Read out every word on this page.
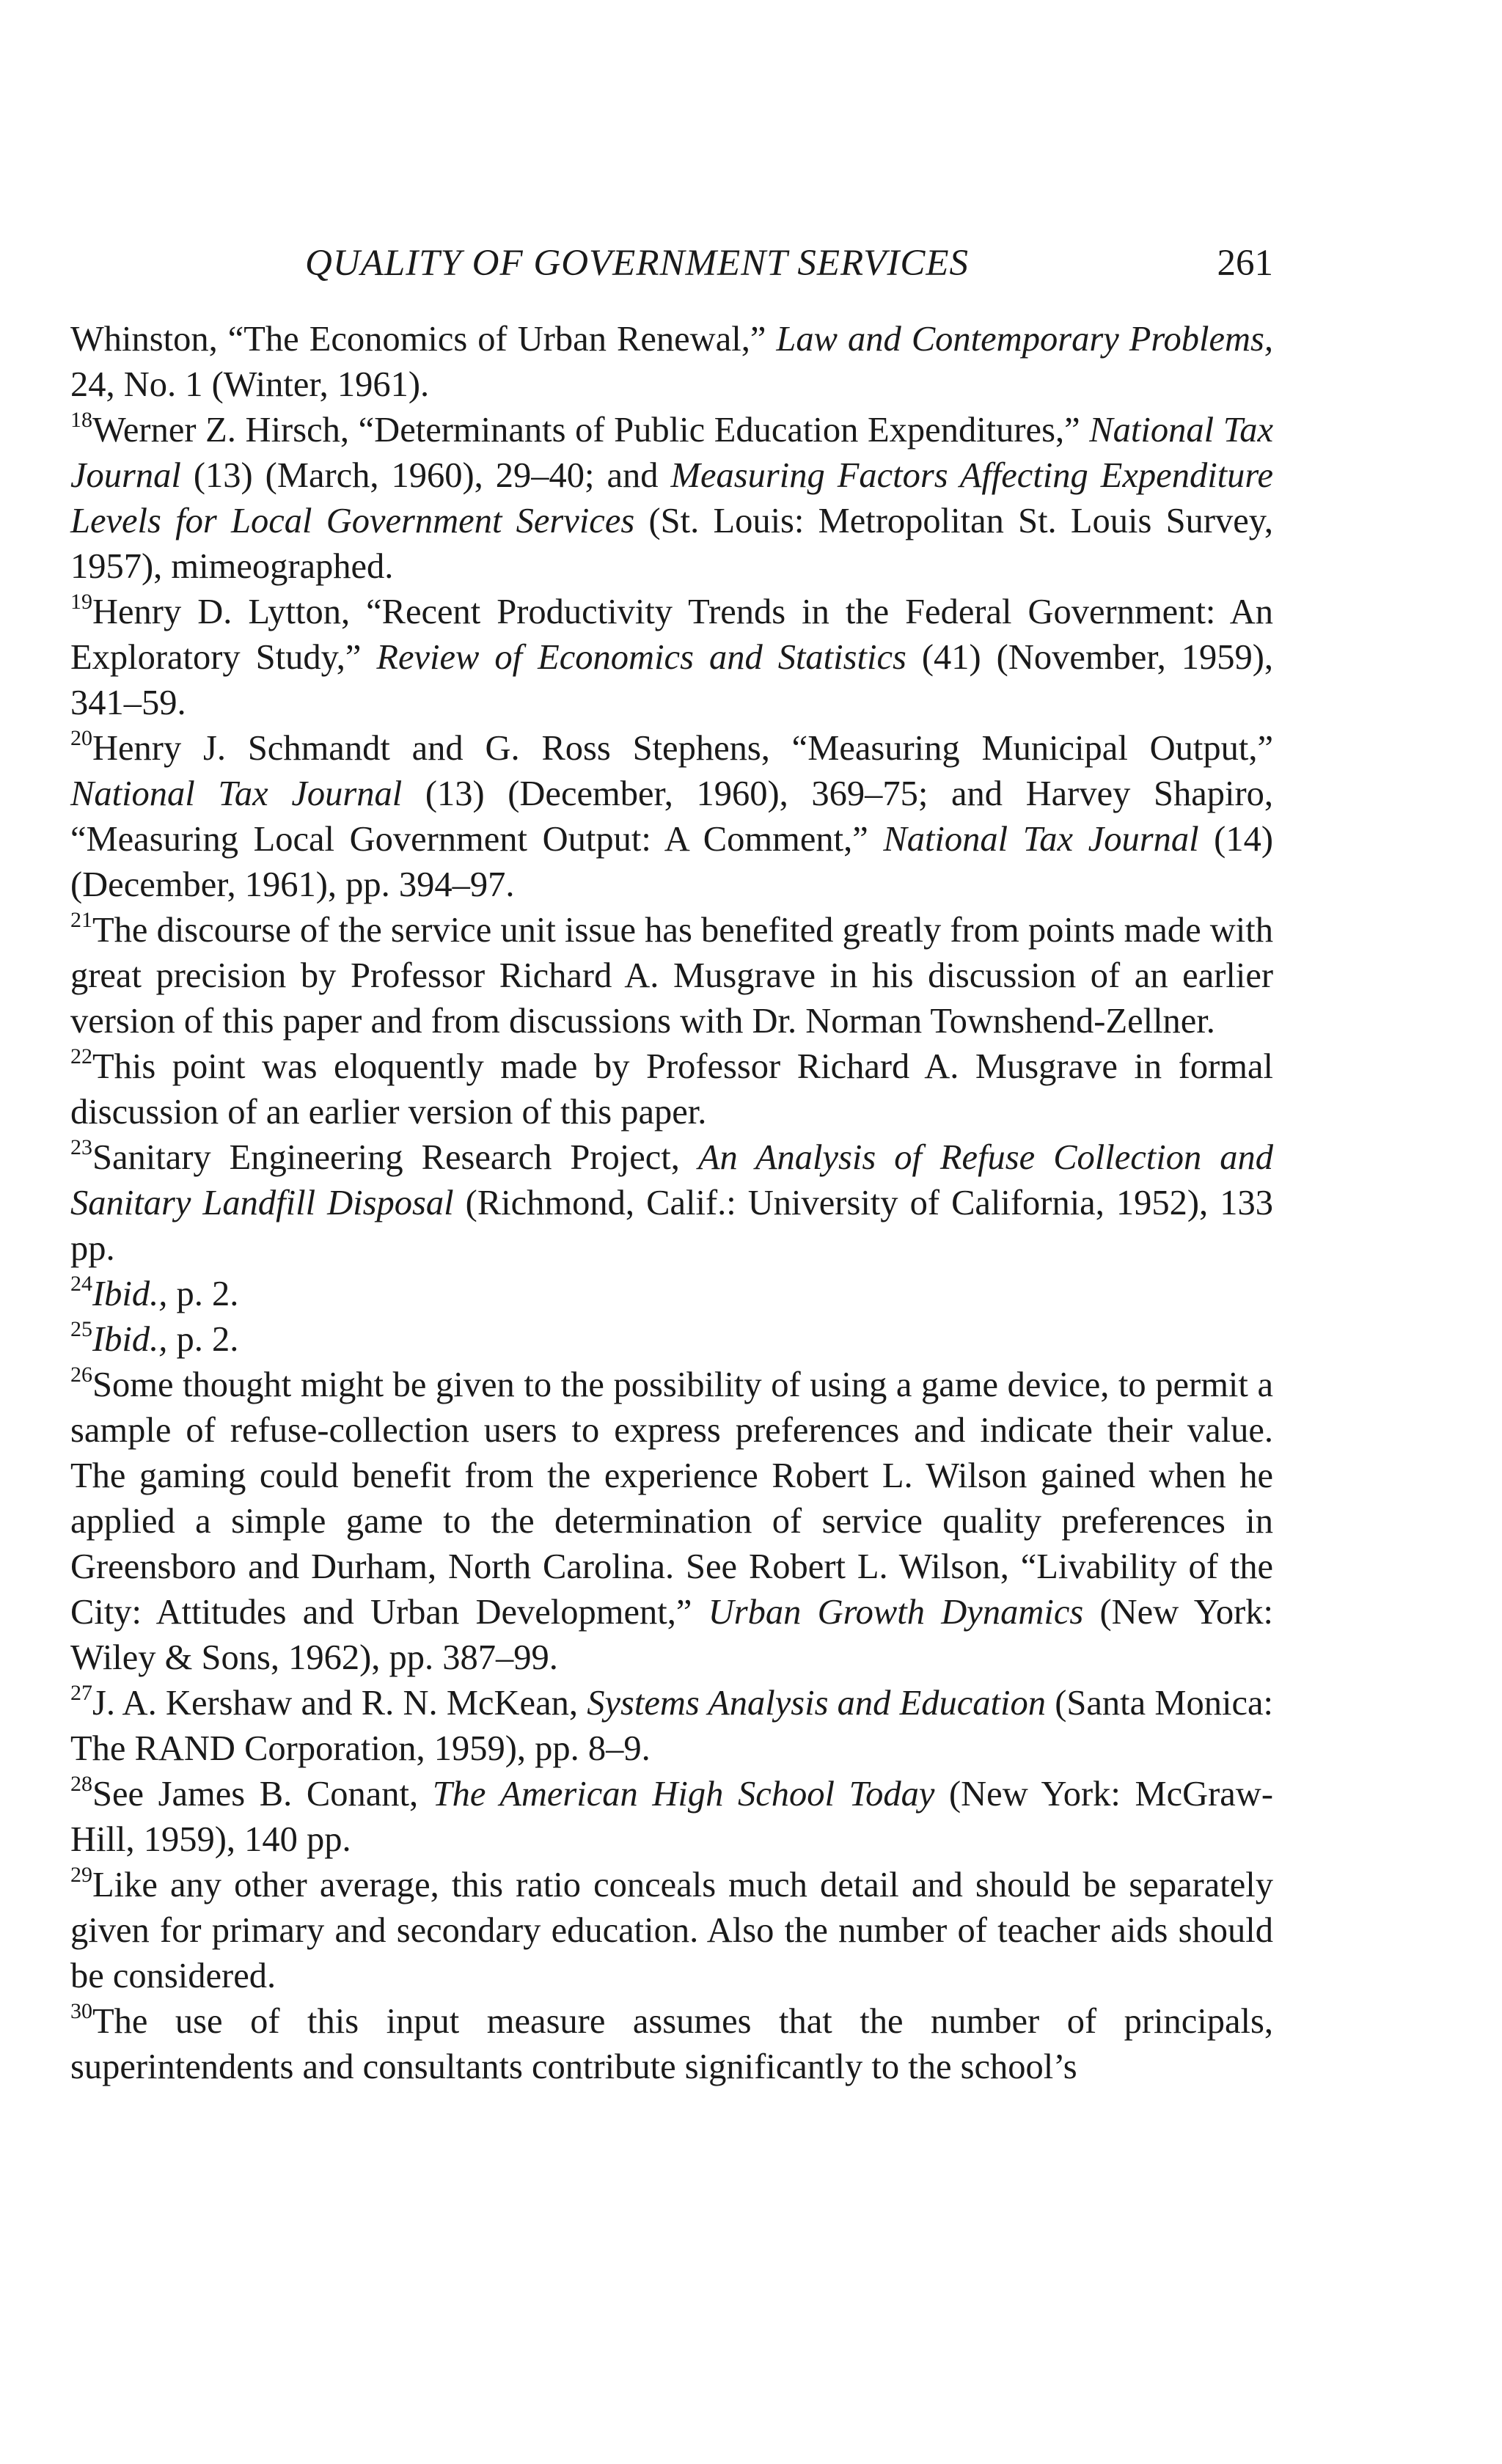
QUALITY OF GOVERNMENT SERVICES	261

Whinston, “The Economics of Urban Renewal,” Law and Contemporary Problems, 24, No. 1 (Winter, 1961).

$^{18}$Werner Z. Hirsch, “Determinants of Public Education Expenditures,” National Tax Journal (13) (March, 1960), 29–40; and Measuring Factors Affecting Expenditure Levels for Local Government Services (St. Louis: Metropolitan St. Louis Survey, 1957), mimeographed.

$^{19}$Henry D. Lytton, “Recent Productivity Trends in the Federal Government: An Exploratory Study,” Review of Economics and Statistics (41) (November, 1959), 341–59.

$^{20}$Henry J. Schmandt and G. Ross Stephens, “Measuring Municipal Output,” National Tax Journal (13) (December, 1960), 369–75; and Harvey Shapiro, “Measuring Local Government Output: A Comment,” National Tax Journal (14) (December, 1961), pp. 394–97.

$^{21}$The discourse of the service unit issue has benefited greatly from points made with great precision by Professor Richard A. Musgrave in his discussion of an earlier version of this paper and from discussions with Dr. Norman Townshend-Zellner.

$^{22}$This point was eloquently made by Professor Richard A. Musgrave in formal discussion of an earlier version of this paper.

$^{23}$Sanitary Engineering Research Project, An Analysis of Refuse Collection and Sanitary Landfill Disposal (Richmond, Calif.: University of California, 1952), 133 pp.

$^{24}$Ibid., p. 2.

$^{25}$Ibid., p. 2.

$^{26}$Some thought might be given to the possibility of using a game device, to permit a sample of refuse-collection users to express preferences and indicate their value. The gaming could benefit from the experience Robert L. Wilson gained when he applied a simple game to the determination of service quality preferences in Greensboro and Durham, North Carolina. See Robert L. Wilson, “Livability of the City: Attitudes and Urban Development,” Urban Growth Dynamics (New York: Wiley & Sons, 1962), pp. 387–99.

$^{27}$J. A. Kershaw and R. N. McKean, Systems Analysis and Education (Santa Monica: The RAND Corporation, 1959), pp. 8–9.

$^{28}$See James B. Conant, The American High School Today (New York: McGraw-Hill, 1959), 140 pp.

$^{29}$Like any other average, this ratio conceals much detail and should be separately given for primary and secondary education. Also the number of teacher aids should be considered.

$^{30}$The use of this input measure assumes that the number of principals, superintendents and consultants contribute significantly to the school’s
